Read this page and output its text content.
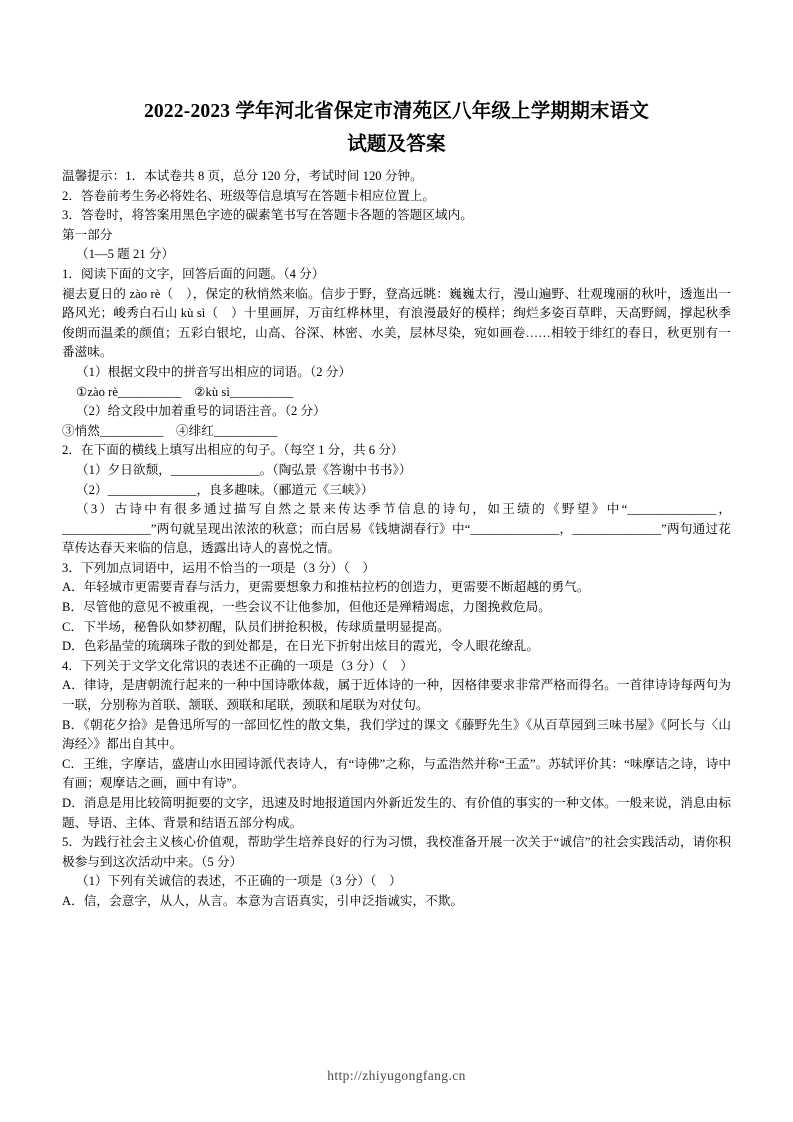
2022-2023 学年河北省保定市清苑区八年级上学期期末语文
试题及答案

温馨提示：1．本试卷共 8 页，总分 120 分，考试时间 120 分钟。

2．答卷前考生务必将姓名、班级等信息填写在答题卡相应位置上。

3．答卷时，将答案用黑色字迹的碳素笔书写在答题卡各题的答题区域内。

第一部分

（1—5 题 21 分）

1．阅读下面的文字，回答后面的问题。（4 分）

褪去夏日的 zào rè（　），保定的秋悄然来临。信步于野，登高远眺：巍巍太行，漫山遍野、壮观瑰丽的秋叶，透迤出一路风光；峻秀白石山 kù sì（　）十里画屏，万亩红桦林里，有浪漫最好的模样；绚烂多姿百草畔，天高野阔，撑起秋季俊朗而温柔的颜值；五彩白银坨，山高、谷深、林密、水美，层林尽染，宛如画卷……相较于绯红的春日，秋更别有一番滋味。

（1）根据文段中的拼音写出相应的词语。（2 分）

①zào rè__________　②kù sì__________

（2）给文段中加着重号的词语注音。（2 分）

③悄然__________　④绯红__________

2．在下面的横线上填写出相应的句子。（每空 1 分，共 6 分）

（1）夕日欲颓，______________。（陶弘景《答谢中书书》）

（2）______________，良多趣味。（郦道元《三峡》）

（3）古诗中有很多通过描写自然之景来传达季节信息的诗句，如王绩的《野望》中“______________，______________”两句就呈现出浓浓的秋意；而白居易《钱塘湖春行》中“______________，______________”两句通过花草传达春天来临的信息，透露出诗人的喜悦之情。

3．下列加点词语中，运用不恰当的一项是（3 分）（　）

A．年轻城市更需要青春与活力，更需要想象力和推枯拉朽的创造力，更需要不断超越的勇气。

B．尽管他的意见不被重视，一些会议不让他参加，但他还是殚精竭虑，力图挽救危局。

C．下半场，秘鲁队如梦初醒，队员们拼抢积极，传球质量明显提高。

D．色彩晶莹的琉璃珠子散的到处都是，在日光下折射出炫目的霞光，令人眼花缭乱。

4．下列关于文学文化常识的表述不正确的一项是（3 分）（　）

A．律诗，是唐朝流行起来的一种中国诗歌体裁，属于近体诗的一种，因格律要求非常严格而得名。一首律诗诗每两句为一联，分别称为首联、颔联、颈联和尾联，颈联和尾联为对仗句。

B．《朝花夕拾》是鲁迅所写的一部回忆性的散文集，我们学过的课文《藤野先生》《从百草园到三味书屋》《阿长与〈山海经〉》都出自其中。

C．王维，字摩诘，盛唐山水田园诗派代表诗人，有“诗佛”之称，与孟浩然并称“王孟”。苏轼评价其：“味摩诘之诗，诗中有画；观摩诘之画，画中有诗”。

D．消息是用比较简明扼要的文字，迅速及时地报道国内外新近发生的、有价值的事实的一种文体。一般来说，消息由标题、导语、主体、背景和结语五部分构成。

5．为践行社会主义核心价值观，帮助学生培养良好的行为习惯，我校准备开展一次关于“诚信”的社会实践活动，请你积极参与到这次活动中来。（5 分）

（1）下列有关诚信的表述，不正确的一项是（3 分）（　）

A．信，会意字，从人，从言。本意为言语真实，引申泛指诚实，不欺。

http://zhiyugongfang.cn
